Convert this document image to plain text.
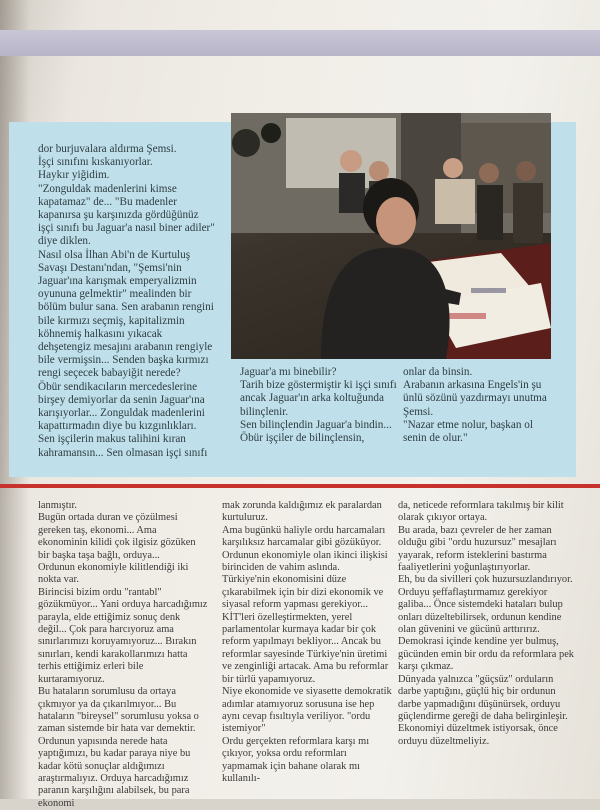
dor burjuvalara aldırma Şemsi.

İşçi sınıfını kıskanıyorlar.

Haykır yiğidim.

"Zonguldak madenlerini kimse kapatamaz" de... "Bu madenler kapanırsa şu karşınızda gördüğünüz işçi sınıfı bu Jaguar'a nasıl biner adiler" diye diklen.

Nasıl olsa İlhan Abi'n de Kurtuluş Savaşı Destanı'ndan, "Şemsi'nin Jaguar'ına karışmak emperyalizmin oyununa gelmektir" mealinden bir bölüm bulur sana. Sen arabanın rengini bile kırmızı seçmiş, kapitalizmin köhnemiş halkasını yıkacak dehşetengiz mesajını arabanın rengiyle bile vermişsin... Senden başka kırmızı rengi seçecek babayiğit nerede?

Öbür sendikacıların mercedeslerine birşey demiyorlar da senin Jaguar'ına karışıyorlar... Zonguldak madenlerini kapattırmadın diye bu kızgınlıkları.

Sen işçilerin makus talihini kıran kahramansın... Sen olmasan işçi sınıfı

Jaguar'a mı binebilir?

Tarih bize göstermiştir ki işçi sınıfı ancak Jaguar'ın arka koltuğunda bilinçlenir.

Sen bilinçlendin Jaguar'a bindin... Öbür işçiler de bilinçlensin,

onlar da binsin.

Arabanın arkasına Engels'in şu ünlü sözünü yazdırmayı unutma Şemsi.

"Nazar etme nolur, başkan ol senin de olur."

lanmıştır.

Bugün ortada duran ve çözülmesi gereken taş, ekonomi... Ama ekonominin kilidi çok ilgisiz gözüken bir başka taşa bağlı, orduya...

Ordunun ekonomiyle kilitlendiği iki nokta var.

Birincisi bizim ordu "rantabl" gözükmüyor... Yani orduya harcadığımız parayla, elde ettiğimiz sonuç denk değil... Çok para harcıyoruz ama sınırlarımızı koruyamıyoruz... Bırakın sınırları, kendi karakollarımızı hatta terhis ettiğimiz erleri bile kurtaramıyoruz.

Bu hataların sorumlusu da ortaya çıkmıyor ya da çıkarılmıyor... Bu hataların "bireysel" sorumlusu yoksa o zaman sistemde bir hata var demektir.

Ordunun yapısında nerede hata yaptığımızı, bu kadar paraya niye bu kadar kötü sonuçlar aldığımızı araştırmalıyız. Orduya harcadığımız paranın karşılığını alabilsek, bu para ekonomi

mak zorunda kaldığımız ek paralardan kurtuluruz.

Ama bugünkü haliyle ordu harcamaları karşılıksız harcamalar gibi gözüküyor. Ordunun ekonomiyle olan ikinci ilişkisi birinciden de vahim aslında.

Türkiye'nin ekonomisini düze çıkarabilmek için bir dizi ekonomik ve siyasal reform yapması gerekiyor... KİT'leri özelleştirmekten, yerel parlamentolar kurmaya kadar bir çok reform yapılmayı bekliyor... Ancak bu reformlar sayesinde Türkiye'nin üretimi ve zenginliği artacak. Ama bu reformlar bir türlü yapamıyoruz.

Niye ekonomide ve siyasette demokratik adımlar atamıyoruz sorusuna ise hep aynı cevap fısıltıyla veriliyor. "ordu istemiyor"

Ordu gerçekten reformlara karşı mı çıkıyor, yoksa ordu reformları yapmamak için bahane olarak mı kullanılı-

da, neticede reformlara takılmış bir kilit olarak çıkıyor ortaya.

Bu arada, bazı çevreler de her zaman olduğu gibi "ordu huzursuz" mesajları yayarak, reform isteklerini bastırma faaliyetlerini yoğunlaştırıyorlar.

Eh, bu da sivilleri çok huzursuzlandırıyor.

Orduyu şeffaflaştırmamız gerekiyor galiba... Önce sistemdeki hataları bulup onları düzeltebilirsek, ordunun kendine olan güvenini ve gücünü arttırırız. Demokrasi içinde kendine yer bulmuş, gücünden emin bir ordu da reformlara pek karşı çıkmaz.

Dünyada yalnızca "güçsüz" orduların darbe yaptığını, güçlü hiç bir ordunun darbe yapmadığını düşünürsek, orduyu güçlendirme gereği de daha belirginleşir.

Ekonomiyi düzeltmek istiyorsak, önce orduyu düzeltmeliyiz.
